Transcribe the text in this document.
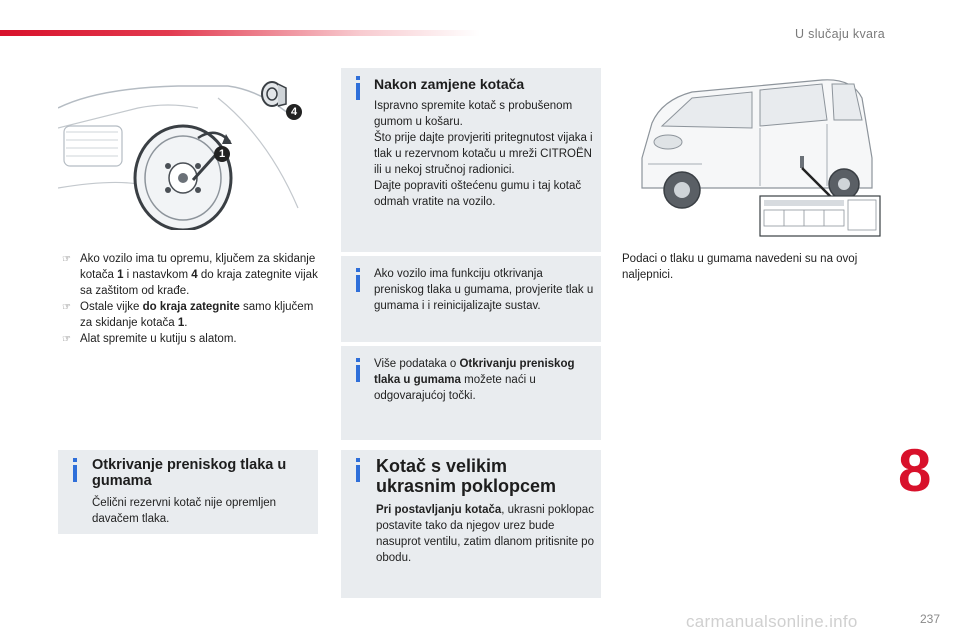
U slučaju kvara
4
1
☞ Ako vozilo ima tu opremu, ključem za skidanje kotača 1 i nastavkom 4 do kraja zategnite vijak sa zaštitom od krađe.
☞ Ostale vijke do kraja zategnite samo ključem za skidanje kotača 1.
☞ Alat spremite u kutiju s alatom.
Otkrivanje preniskog tlaka u gumama

Čelični rezervni kotač nije opremljen davačem tlaka.

Nakon zamjene kotača

Ispravno spremite kotač s probušenom gumom u košaru.
Što prije dajte provjeriti pritegnutost vijaka i tlak u rezervnom kotaču u mreži CITROËN ili u nekoj stručnoj radionici.
Dajte popraviti oštećenu gumu i taj kotač odmah vratite na vozilo.

Ako vozilo ima funkciju otkrivanja preniskog tlaka u gumama, provjerite tlak u gumama i i reinicijalizajte sustav.

Više podataka o Otkrivanju preniskog tlaka u gumama možete naći u odgovarajućoj točki.

Kotač s velikim ukrasnim poklopcem

Pri postavljanju kotača, ukrasni poklopac postavite tako da njegov urez bude nasuprot ventilu, zatim dlanom pritisnite po obodu.

Podaci o tlaku u gumama navedeni su na ovoj naljepnici.
8
carmanualsonline.info	237
